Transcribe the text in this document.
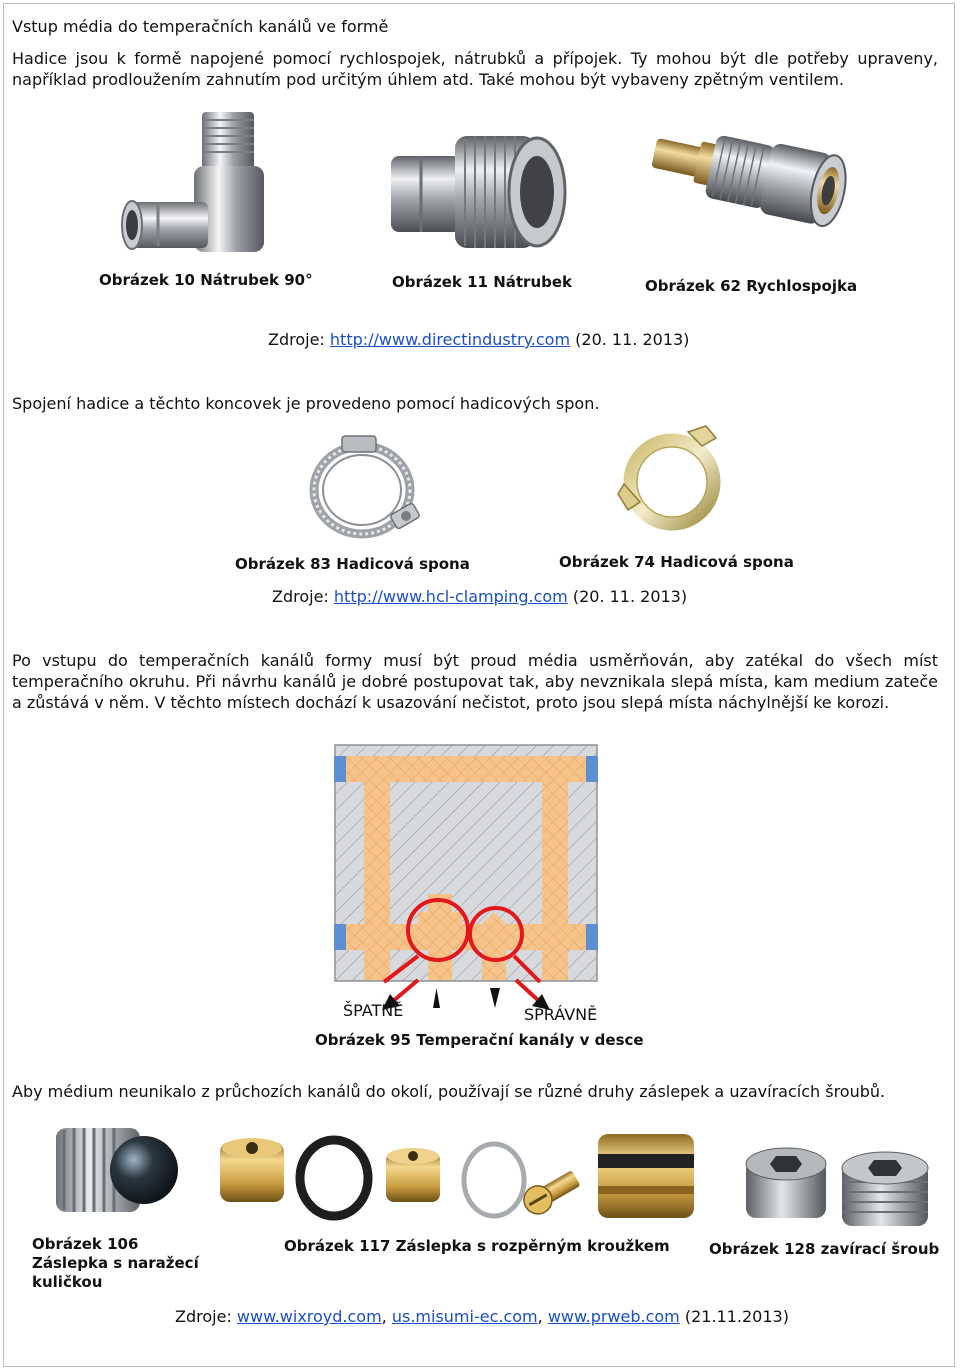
Vstup média do temperačních kanálů ve formě
Hadice jsou k formě napojené pomocí rychlospojek, nátrubků a přípojek. Ty mohou být dle potřeby upraveny, například prodloužením zahnutím pod určitým úhlem atd. Také mohou být vybaveny zpětným ventilem.
Obrázek 10 Nátrubek 90°	Obrázek 11 Nátrubek	Obrázek 62 Rychlospojka
Zdroje: http://www.directindustry.com (20. 11. 2013)
Spojení hadice a těchto koncovek je provedeno pomocí hadicových spon.
Obrázek 83 Hadicová spona	Obrázek 74 Hadicová spona
Zdroje: http://www.hcl-clamping.com (20. 11. 2013)
Po vstupu do temperačních kanálů formy musí být proud média usměrňován, aby zatékal do všech míst temperačního okruhu. Při návrhu kanálů je dobré postupovat tak, aby nevznikala slepá místa, kam medium zateče a zůstává v něm. V těchto místech dochází k usazování nečistot, proto jsou slepá místa náchylnější ke korozi.
ŠPATNĚ	SPRÁVNĚ
Obrázek 95 Temperační kanály v desce
Aby médium neunikalo z průchozích kanálů do okolí, používají se různé druhy záslepek a uzavíracích šroubů.
Obrázek 106
Záslepka s naražecí
kuličkou
Obrázek 117 Záslepka s rozpěrným kroužkem	Obrázek 128 zavírací šroub
Zdroje: www.wixroyd.com, us.misumi-ec.com, www.prweb.com (21.11.2013)
